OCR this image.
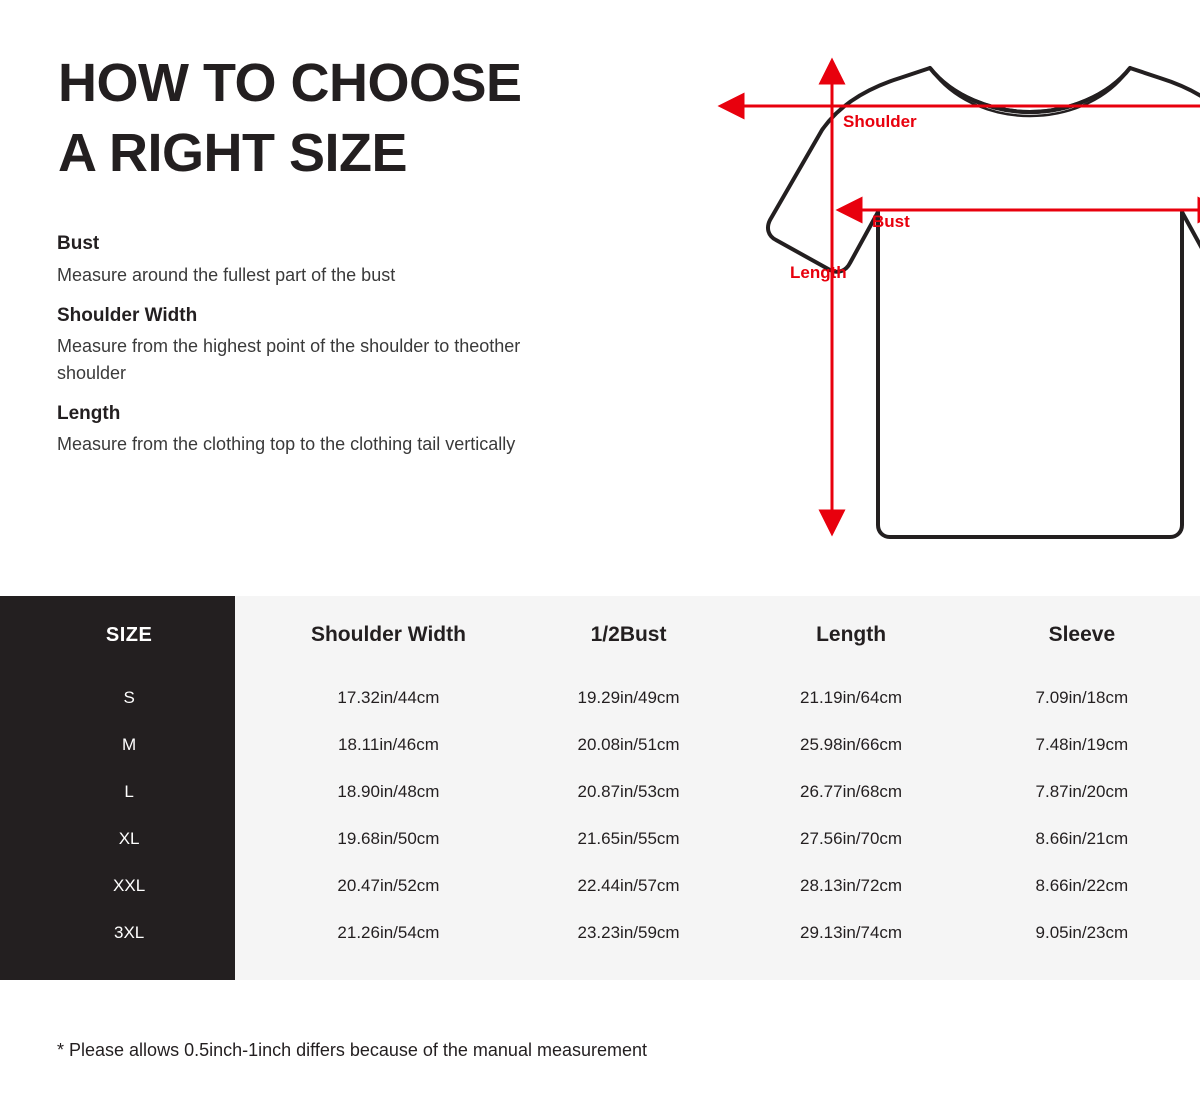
HOW TO CHOOSE
A RIGHT SIZE
Bust
Measure around the fullest part of the bust
Shoulder Width
Measure from the highest point of the shoulder to theother shoulder
Length
Measure from the clothing top to the clothing tail vertically
Shoulder
Bust
Length
SIZE	Shoulder Width	1/2Bust	Length	Sleeve
S	17.32in/44cm	19.29in/49cm	21.19in/64cm	7.09in/18cm
M	18.11in/46cm	20.08in/51cm	25.98in/66cm	7.48in/19cm
L	18.90in/48cm	20.87in/53cm	26.77in/68cm	7.87in/20cm
XL	19.68in/50cm	21.65in/55cm	27.56in/70cm	8.66in/21cm
XXL	20.47in/52cm	22.44in/57cm	28.13in/72cm	8.66in/22cm
3XL	21.26in/54cm	23.23in/59cm	29.13in/74cm	9.05in/23cm
* Please allows 0.5inch-1inch differs because of the manual measurement
